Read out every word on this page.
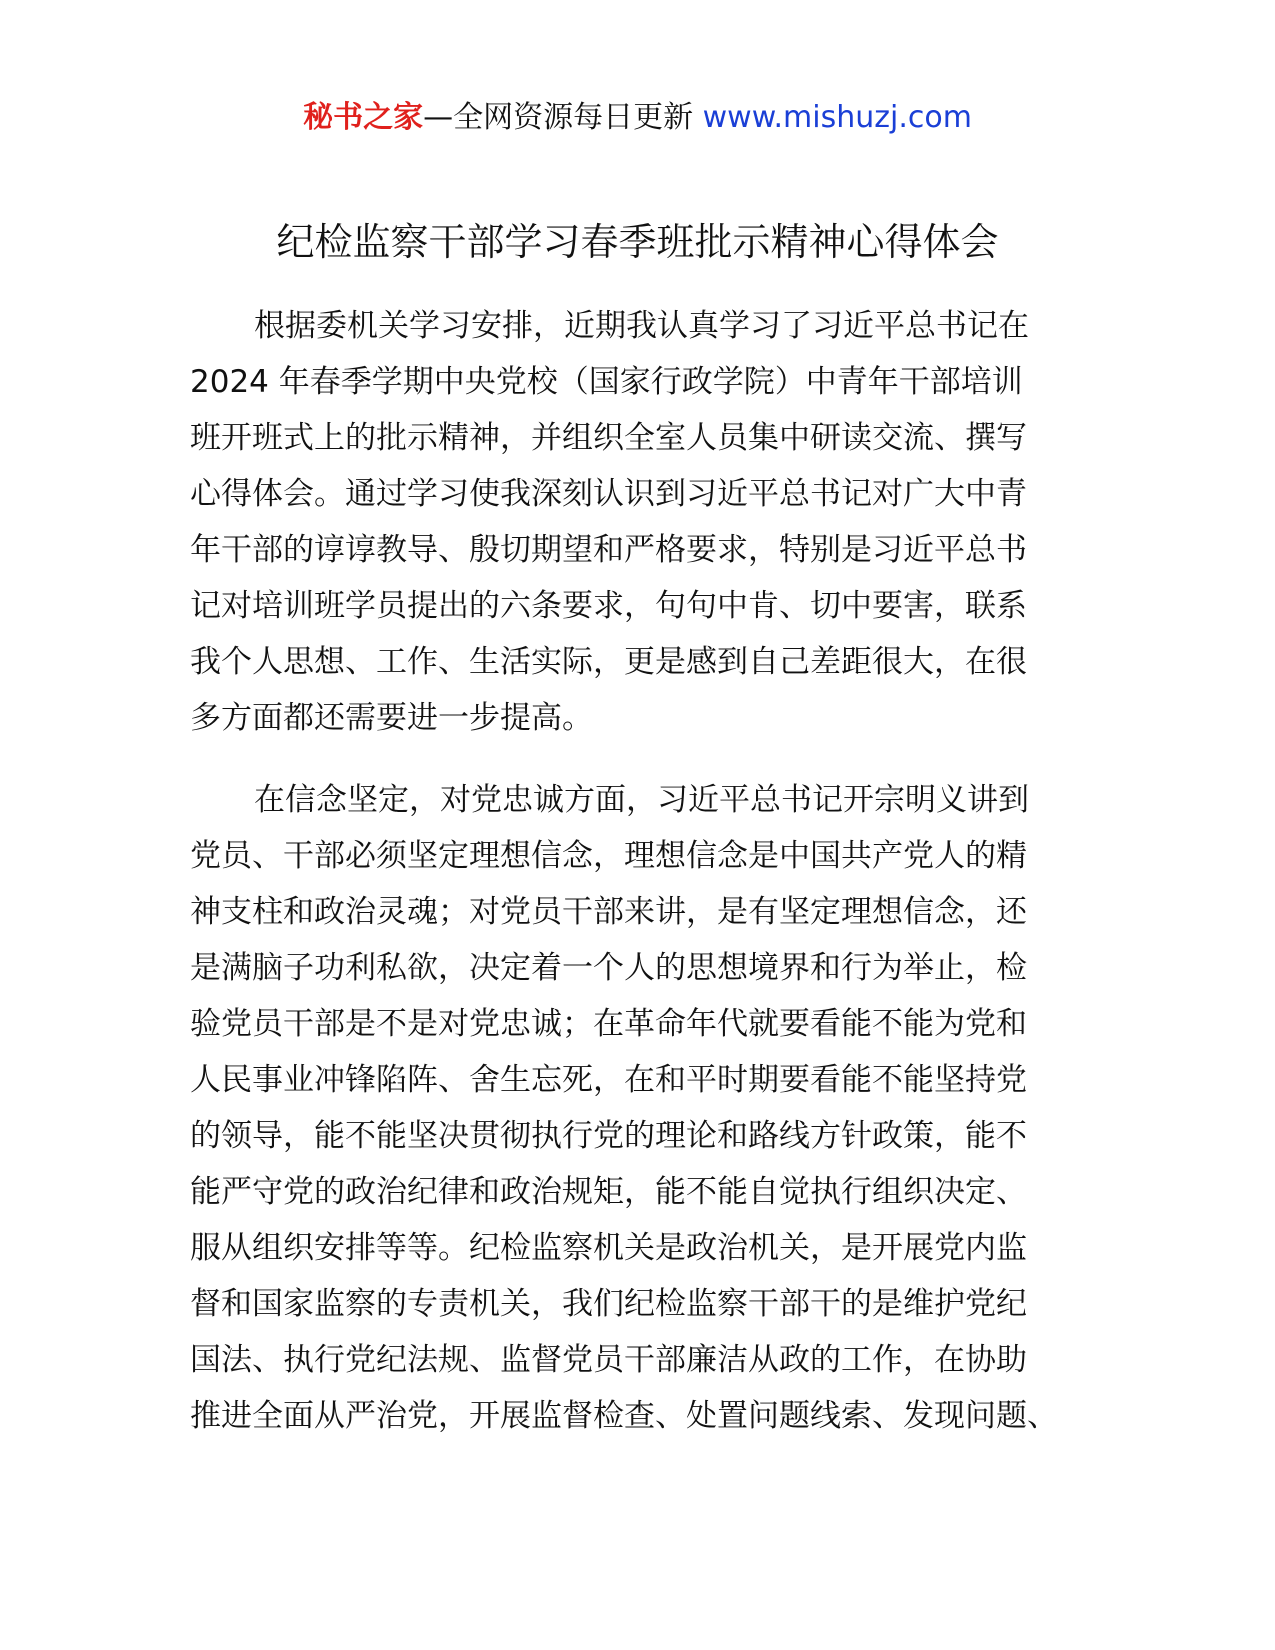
秘书之家—全网资源每日更新 www.mishuzj.com
纪检监察干部学习春季班批示精神心得体会
根据委机关学习安排，近期我认真学习了习近平总书记在
2024 年春季学期中央党校（国家行政学院）中青年干部培训
班开班式上的批示精神，并组织全室人员集中研读交流、撰写
心得体会。通过学习使我深刻认识到习近平总书记对广大中青
年干部的谆谆教导、殷切期望和严格要求，特别是习近平总书
记对培训班学员提出的六条要求，句句中肯、切中要害，联系
我个人思想、工作、生活实际，更是感到自己差距很大，在很
多方面都还需要进一步提高。
在信念坚定，对党忠诚方面，习近平总书记开宗明义讲到
党员、干部必须坚定理想信念，理想信念是中国共产党人的精
神支柱和政治灵魂；对党员干部来讲，是有坚定理想信念，还
是满脑子功利私欲，决定着一个人的思想境界和行为举止，检
验党员干部是不是对党忠诚；在革命年代就要看能不能为党和
人民事业冲锋陷阵、舍生忘死，在和平时期要看能不能坚持党
的领导，能不能坚决贯彻执行党的理论和路线方针政策，能不
能严守党的政治纪律和政治规矩，能不能自觉执行组织决定、
服从组织安排等等。纪检监察机关是政治机关，是开展党内监
督和国家监察的专责机关，我们纪检监察干部干的是维护党纪
国法、执行党纪法规、监督党员干部廉洁从政的工作，在协助
推进全面从严治党，开展监督检查、处置问题线索、发现问题、
